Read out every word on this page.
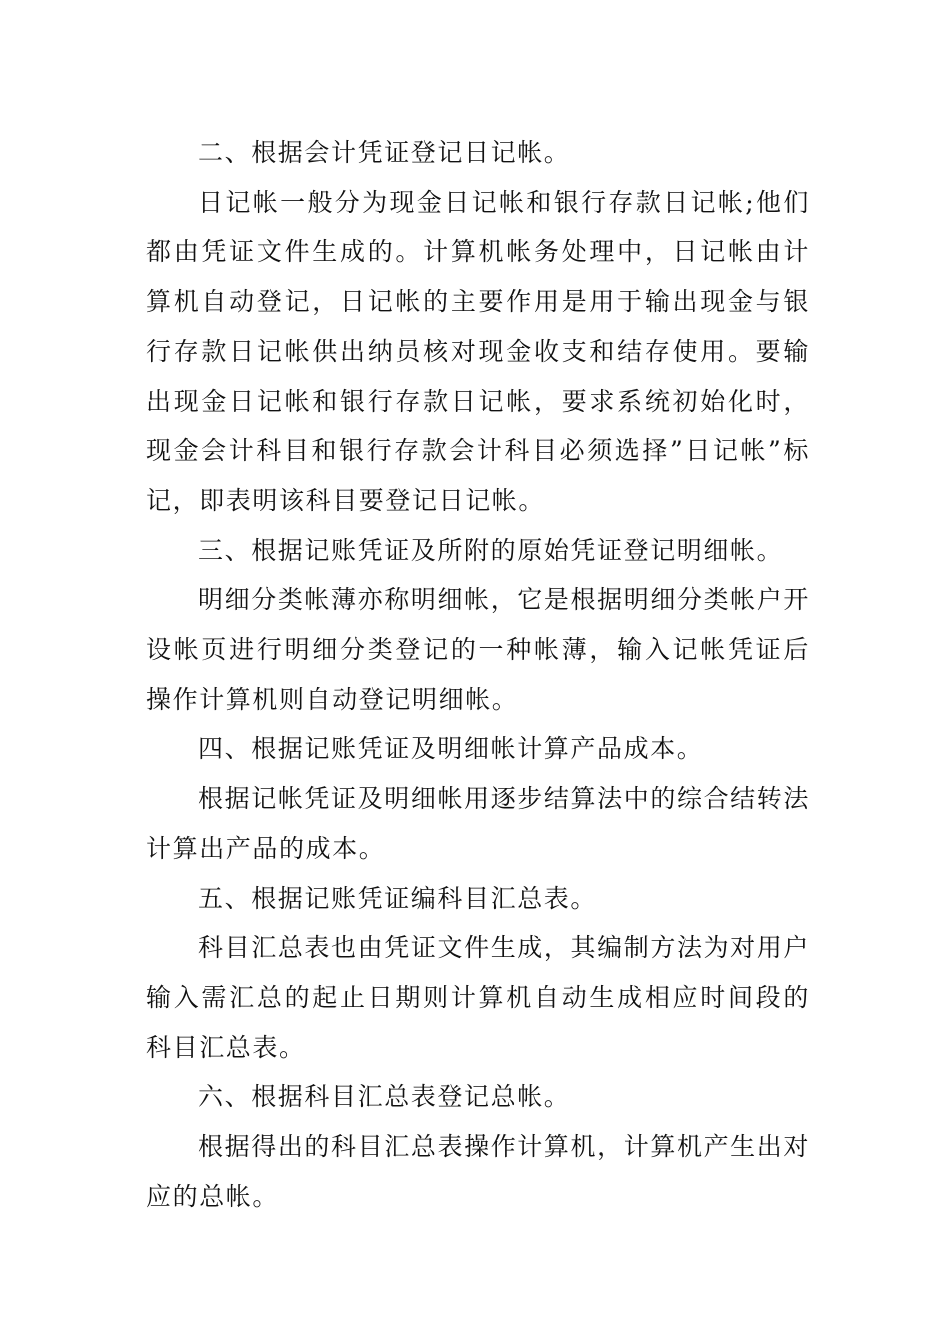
二、根据会计凭证登记日记帐。

日记帐一般分为现金日记帐和银行存款日记帐;他们都由凭证文件生成的。计算机帐务处理中，日记帐由计算机自动登记，日记帐的主要作用是用于输出现金与银行存款日记帐供出纳员核对现金收支和结存使用。要输出现金日记帐和银行存款日记帐，要求系统初始化时，现金会计科目和银行存款会计科目必须选择”日记帐”标记，即表明该科目要登记日记帐。

三、根据记账凭证及所附的原始凭证登记明细帐。

明细分类帐薄亦称明细帐，它是根据明细分类帐户开设帐页进行明细分类登记的一种帐薄，输入记帐凭证后操作计算机则自动登记明细帐。

四、根据记账凭证及明细帐计算产品成本。

根据记帐凭证及明细帐用逐步结算法中的综合结转法计算出产品的成本。

五、根据记账凭证编科目汇总表。

科目汇总表也由凭证文件生成，其编制方法为对用户输入需汇总的起止日期则计算机自动生成相应时间段的科目汇总表。

六、根据科目汇总表登记总帐。

根据得出的科目汇总表操作计算机，计算机产生出对应的总帐。
